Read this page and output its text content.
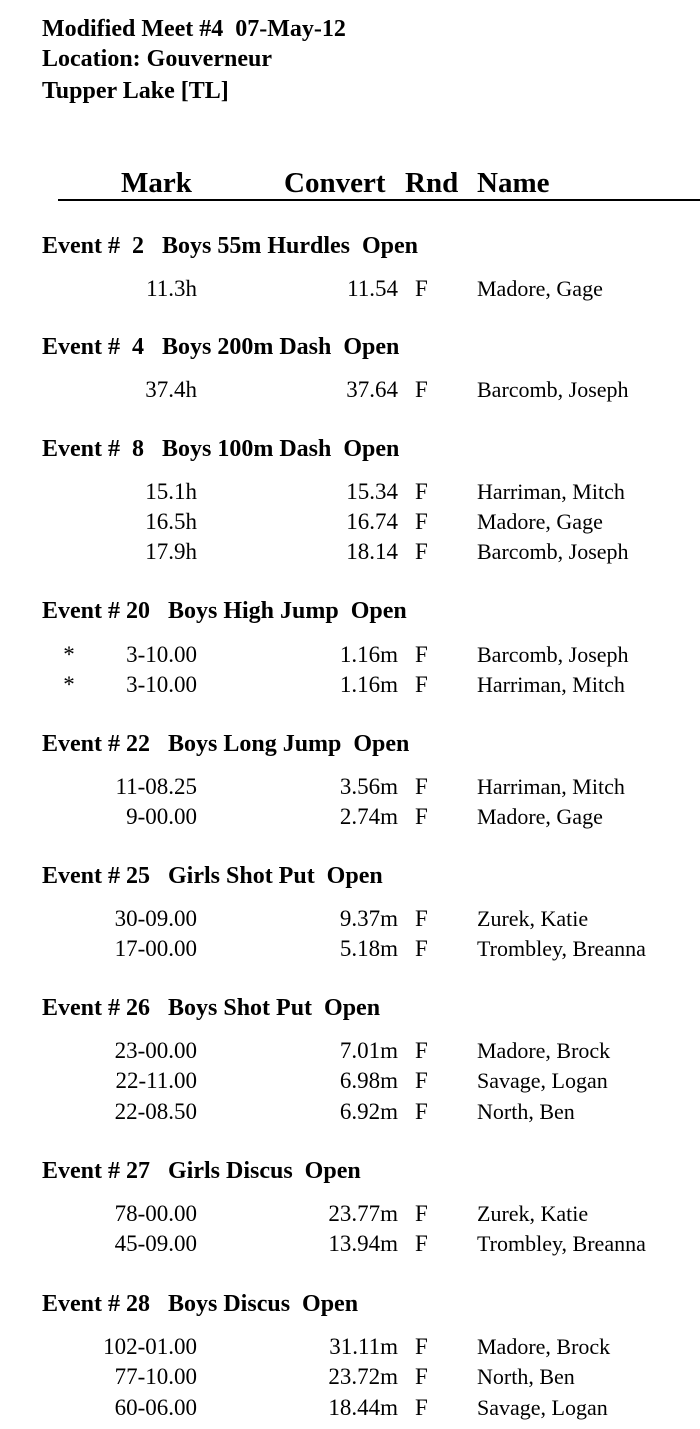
Modified Meet #4  07-May-12
Location: Gouverneur
Tupper Lake [TL]
Mark	Convert Rnd Name
Event #  2   Boys 55m Hurdles  Open
11.3h	11.54 F Madore, Gage
Event #  4   Boys 200m Dash  Open
37.4h	37.64 F Barcomb, Joseph
Event #  8   Boys 100m Dash  Open
15.1h	15.34 F Harriman, Mitch
16.5h	16.74 F Madore, Gage
17.9h	18.14 F Barcomb, Joseph
Event # 20   Boys High Jump  Open
* 3-10.00	1.16m F Barcomb, Joseph
* 3-10.00	1.16m F Harriman, Mitch
Event # 22   Boys Long Jump  Open
11-08.25	3.56m F Harriman, Mitch
9-00.00	2.74m F Madore, Gage
Event # 25   Girls Shot Put  Open
30-09.00	9.37m F Zurek, Katie
17-00.00	5.18m F Trombley, Breanna
Event # 26   Boys Shot Put  Open
23-00.00	7.01m F Madore, Brock
22-11.00	6.98m F Savage, Logan
22-08.50	6.92m F North, Ben
Event # 27   Girls Discus  Open
78-00.00	23.77m F Zurek, Katie
45-09.00	13.94m F Trombley, Breanna
Event # 28   Boys Discus  Open
102-01.00	31.11m F Madore, Brock
77-10.00	23.72m F North, Ben
60-06.00	18.44m F Savage, Logan
